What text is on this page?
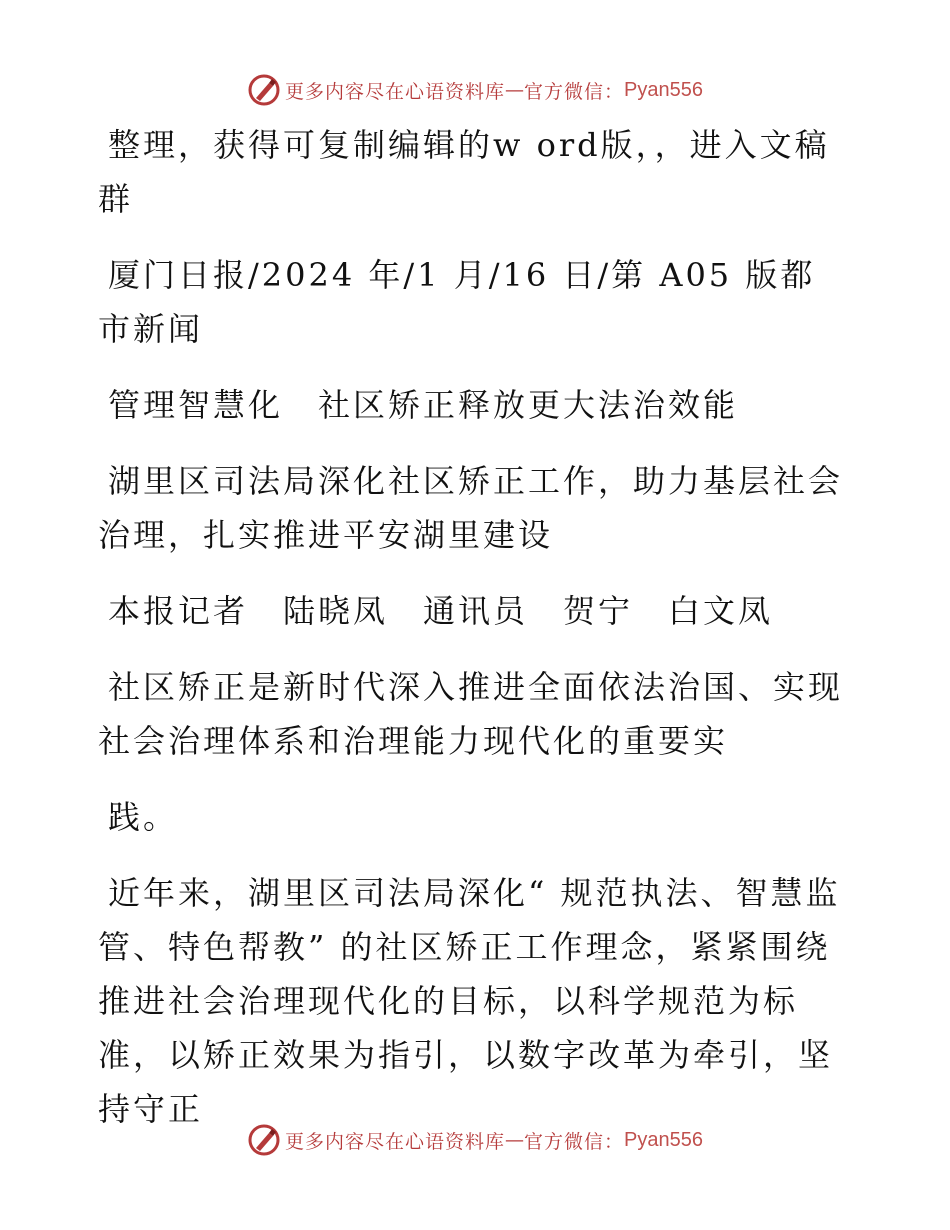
更多内容尽在心语资料库 — 官方微信： Pyan556

整理，获得可复制编辑的w ord版，，进入文稿群

厦门日报/2024 年/1 月/16 日/第 A05 版都市新闻

管理智慧化　社区矫正释放更大法治效能

湖里区司法局深化社区矫正工作，助力基层社会治理，扎实推进平安湖里建设

本报记者　陆晓凤　通讯员　贺宁　白文凤

社区矫正是新时代深入推进全面依法治国、实现社会治理体系和治理能力现代化的重要实

践。

近年来，湖里区司法局深化“ 规范执法、智慧监管、特色帮教” 的社区矫正工作理念，紧紧围绕推进社会治理现代化的目标，以科学规范为标准，以矫正效果为指引，以数字改革为牵引，坚持守正

更多内容尽在心语资料库 — 官方微信： Pyan556
